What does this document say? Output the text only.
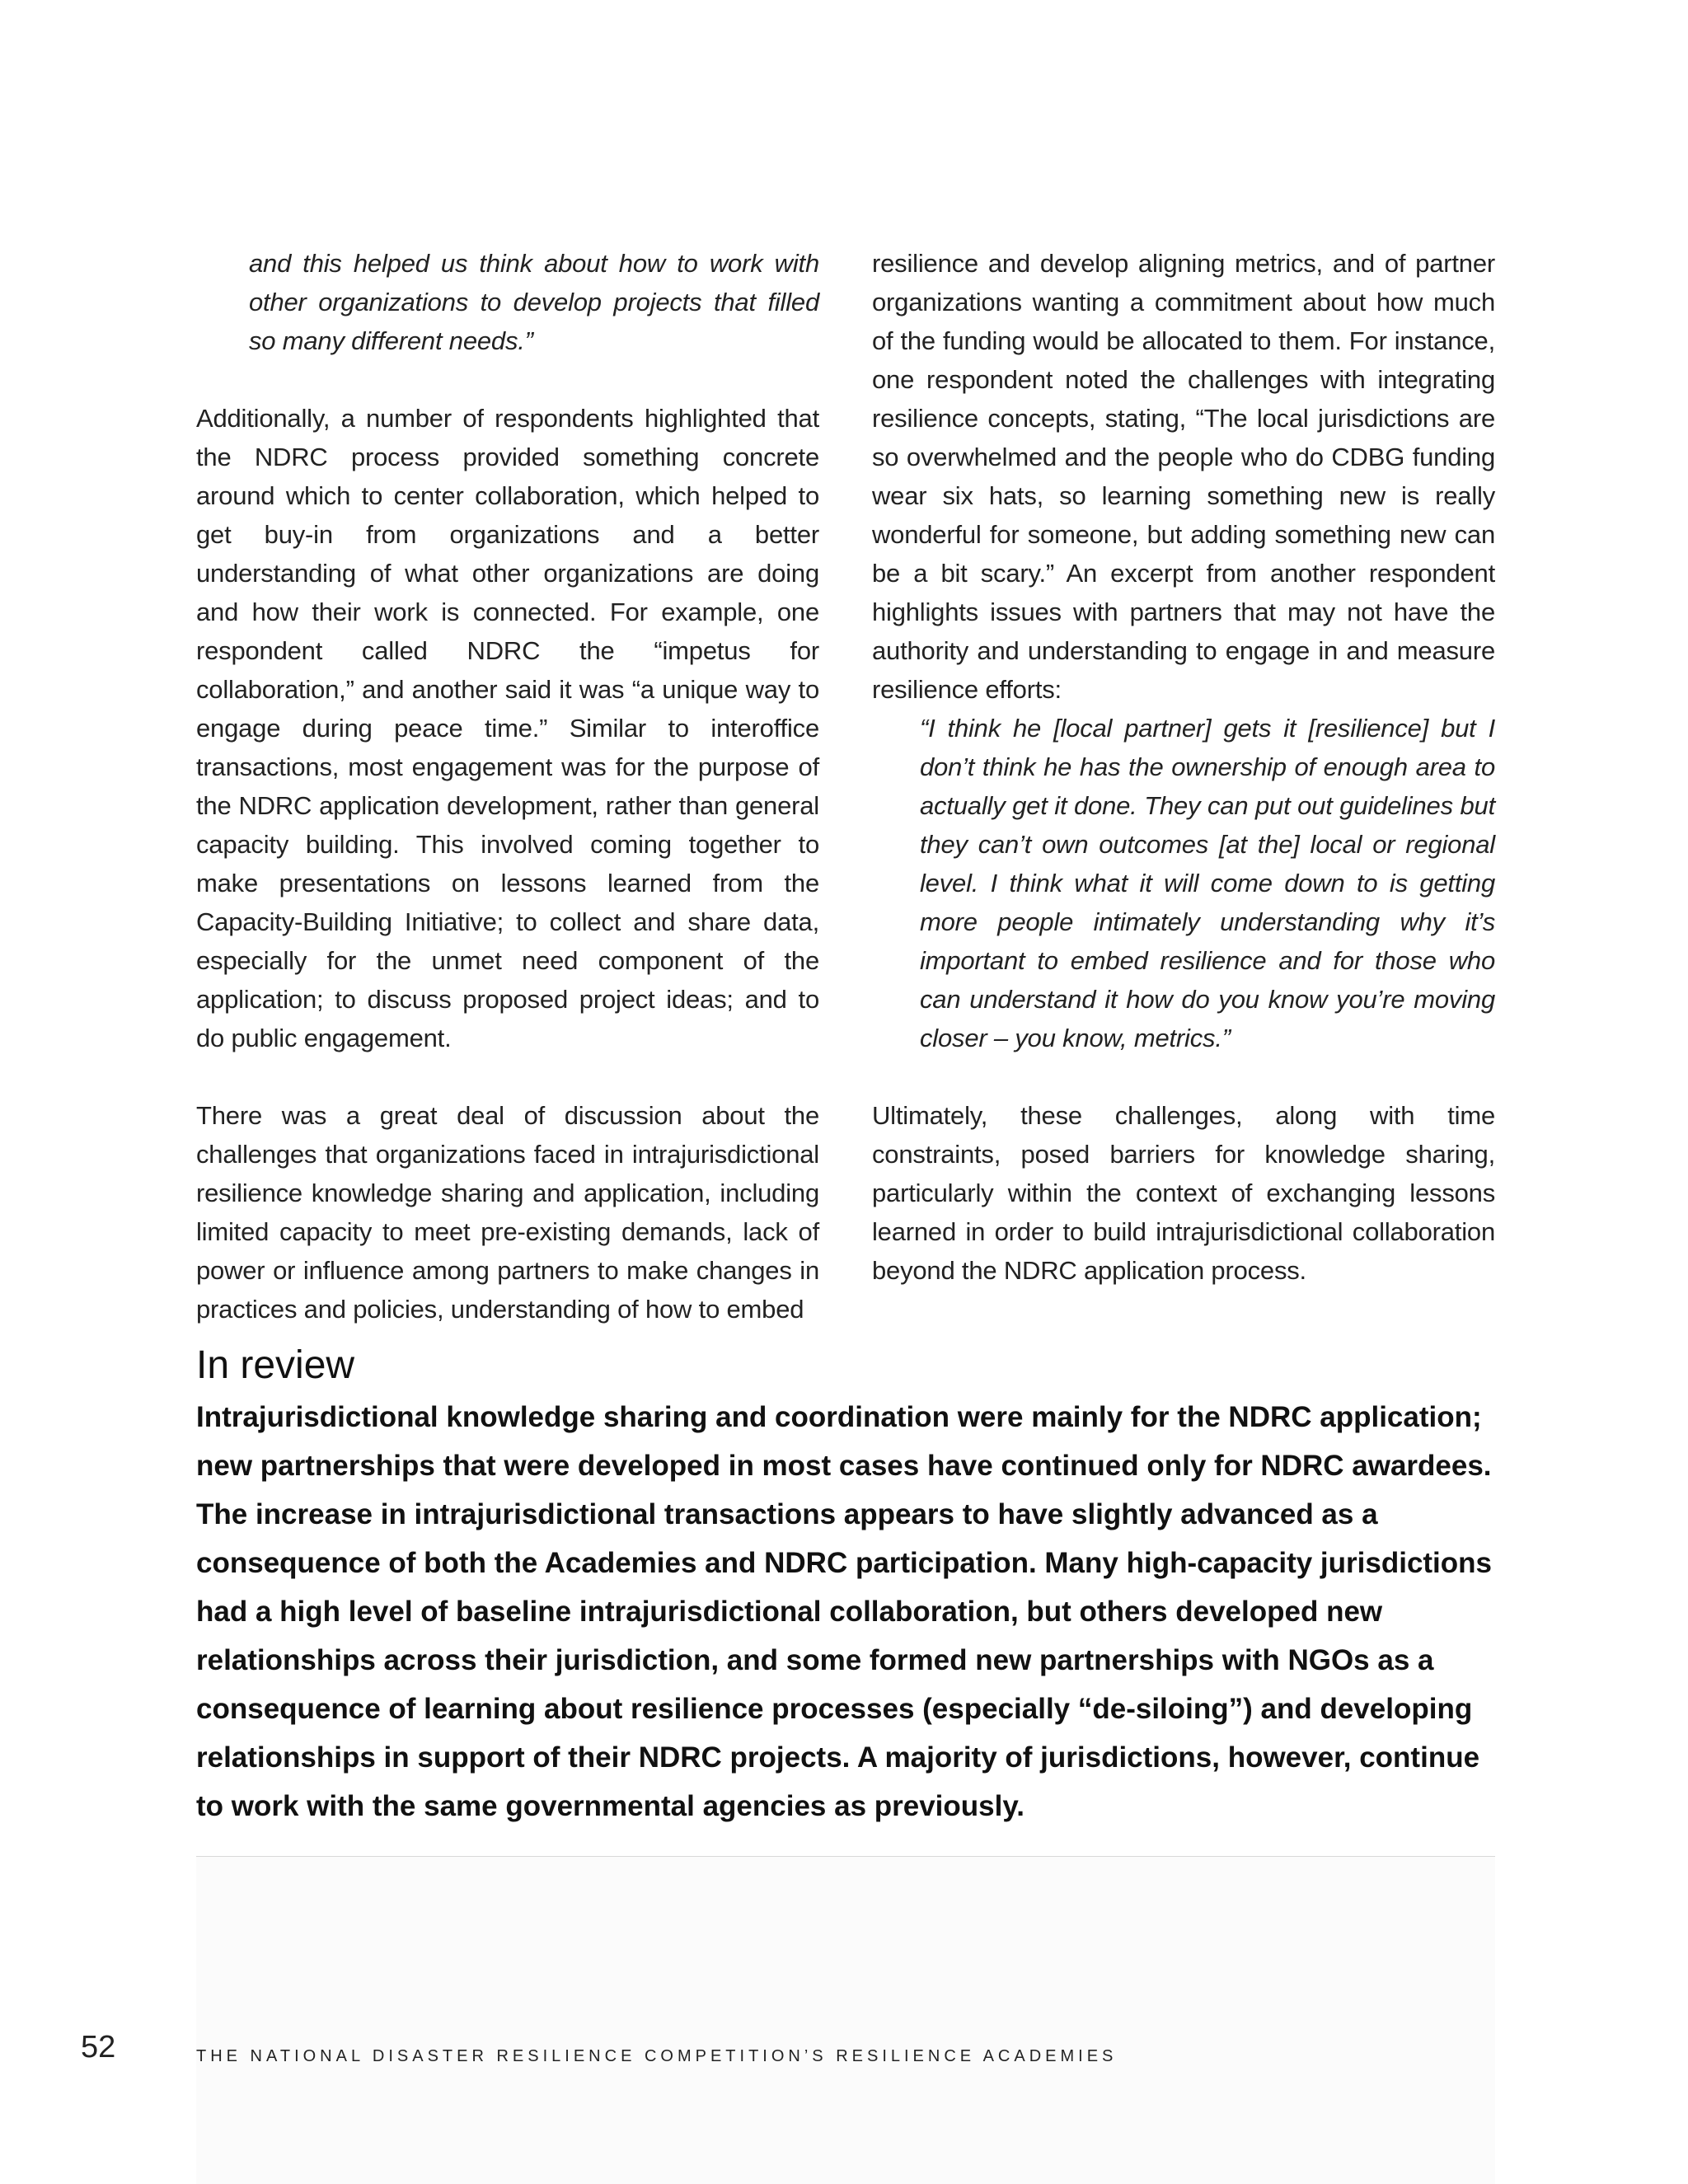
and this helped us think about how to work with other organizations to develop projects that filled so many different needs.”

Additionally, a number of respondents highlighted that the NDRC process provided something concrete around which to center collaboration, which helped to get buy-in from organizations and a better understanding of what other organizations are doing and how their work is connected. For example, one respondent called NDRC the “impetus for collaboration,” and another said it was “a unique way to engage during peace time.” Similar to interoffice transactions, most engagement was for the purpose of the NDRC application development, rather than general capacity building. This involved coming together to make presentations on lessons learned from the Capacity-Building Initiative; to collect and share data, especially for the unmet need component of the application; to discuss proposed project ideas; and to do public engagement.

There was a great deal of discussion about the challenges that organizations faced in intrajurisdictional resilience knowledge sharing and application, including limited capacity to meet pre-existing demands, lack of power or influence among partners to make changes in practices and policies, understanding of how to embed

resilience and develop aligning metrics, and of partner organizations wanting a commitment about how much of the funding would be allocated to them. For instance, one respondent noted the challenges with integrating resilience concepts, stating, “The local jurisdictions are so overwhelmed and the people who do CDBG funding wear six hats, so learning something new is really wonderful for someone, but adding something new can be a bit scary.” An excerpt from another respondent highlights issues with partners that may not have the authority and understanding to engage in and measure resilience efforts:

“I think he [local partner] gets it [resilience] but I don’t think he has the ownership of enough area to actually get it done. They can put out guidelines but they can’t own outcomes [at the] local or regional level. I think what it will come down to is getting more people intimately understanding why it’s important to embed resilience and for those who can understand it how do you know you’re moving closer – you know, metrics.”

Ultimately, these challenges, along with time constraints, posed barriers for knowledge sharing, particularly within the context of exchanging lessons learned in order to build intrajurisdictional collaboration beyond the NDRC application process.

In review

Intrajurisdictional knowledge sharing and coordination were mainly for the NDRC application; new partnerships that were developed in most cases have continued only for NDRC awardees. The increase in intrajurisdictional transactions appears to have slightly advanced as a consequence of both the Academies and NDRC participation. Many high-capacity jurisdictions had a high level of baseline intrajurisdictional collaboration, but others developed new relationships across their jurisdiction, and some formed new partnerships with NGOs as a consequence of learning about resilience processes (especially “de-siloing”) and developing relationships in support of their NDRC projects. A majority of jurisdictions, however, continue to work with the same governmental agencies as previously.

52	THE NATIONAL DISASTER RESILIENCE COMPETITION’S RESILIENCE ACADEMIES
